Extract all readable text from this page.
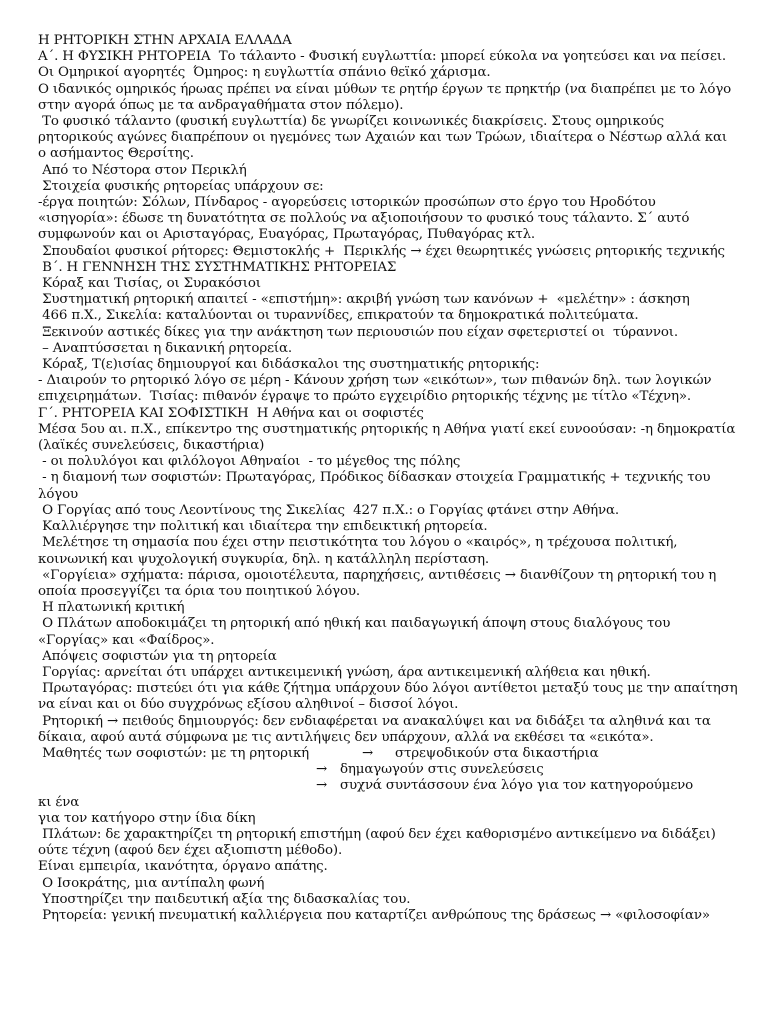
Η ΡΗΤΟΡΙΚΗ ΣΤΗΝ ΑΡΧΑΙΑ ΕΛΛΑΔΑ

Α΄. Η ΦΥΣΙΚΗ ΡΗΤΟΡΕΙΑ  Το τάλαντο - Φυσική ευγλωττία: μπορεί εύκολα να γοητεύσει και να πείσει.

Οι Ομηρικοί αγορητές  Όμηρος: η ευγλωττία σπάνιο θεϊκό χάρισμα.

Ο ιδανικός ομηρικός ήρωας πρέπει να είναι μύθων τε ρητήρ έργων τε πρηκτήρ (να διαπρέπει με το λόγο στην αγορά όπως με τα ανδραγαθήματα στον πόλεμο).

Το φυσικό τάλαντο (φυσική ευγλωττία) δε γνωρίζει κοινωνικές διακρίσεις. Στους ομηρικούς ρητορικούς αγώνες διαπρέπουν οι ηγεμόνες των Αχαιών και των Τρώων, ιδιαίτερα ο Νέστωρ αλλά και ο ασήμαντος Θερσίτης.

Από το Νέστορα στον Περικλή

Στοιχεία φυσικής ρητορείας υπάρχουν σε:

-έργα ποιητών: Σόλων, Πίνδαρος - αγορεύσεις ιστορικών προσώπων στο έργο του Ηροδότου «ισηγορία»: έδωσε τη δυνατότητα σε πολλούς να αξιοποιήσουν το φυσικό τους τάλαντο. Σ΄ αυτό συμφωνούν και οι Αρισταγόρας, Ευαγόρας, Πρωταγόρας, Πυθαγόρας κτλ.

Σπουδαίοι φυσικοί ρήτορες: Θεμιστοκλής +  Περικλής → έχει θεωρητικές γνώσεις ρητορικής τεχνικής

Β΄. Η ΓΕΝΝΗΣΗ ΤΗΣ ΣΥΣΤΗΜΑΤΙΚΗΣ ΡΗΤΟΡΕΙΑΣ

Κόραξ και Τισίας, οι Συρακόσιοι

Συστηματική ρητορική απαιτεί - «επιστήμη»: ακριβή γνώση των κανόνων +  «μελέτην» : άσκηση

466 π.Χ., Σικελία: καταλύονται οι τυραννίδες, επικρατούν τα δημοκρατικά πολιτεύματα.

Ξεκινούν αστικές δίκες για την ανάκτηση των περιουσιών που είχαν σφετεριστεί οι  τύραννοι.

– Αναπτύσσεται η δικανική ρητορεία.

Κόραξ, Τ(ε)ισίας δημιουργοί και διδάσκαλοι της συστηματικής ρητορικής:

- Διαιρούν το ρητορικό λόγο σε μέρη - Κάνουν χρήση των «εικότων», των πιθανών δηλ. των λογικών επιχειρημάτων.  Τισίας: πιθανόν έγραψε το πρώτο εγχειρίδιο ρητορικής τέχνης με τίτλο «Τέχνη».

Γ΄. ΡΗΤΟΡΕΙΑ ΚΑΙ ΣΟΦΙΣΤΙΚΗ  Η Αθήνα και οι σοφιστές

Μέσα 5ου αι. π.Χ., επίκεντρο της συστηματικής ρητορικής η Αθήνα γιατί εκεί ευνοούσαν: -η δημοκρατία (λαϊκές συνελεύσεις, δικαστήρια)

- οι πολυλόγοι και φιλόλογοι Αθηναίοι  - το μέγεθος της πόλης

- η διαμονή των σοφιστών: Πρωταγόρας, Πρόδικος δίδασκαν στοιχεία Γραμματικής + τεχνικής του λόγου

Ο Γοργίας από τους Λεοντίνους της Σικελίας  427 π.Χ.: ο Γοργίας φτάνει στην Αθήνα.

Καλλιέργησε την πολιτική και ιδιαίτερα την επιδεικτική ρητορεία.

Μελέτησε τη σημασία που έχει στην πειστικότητα του λόγου ο «καιρός», η τρέχουσα πολιτική, κοινωνική και ψυχολογική συγκυρία, δηλ. η κατάλληλη περίσταση.

«Γοργίεια» σχήματα: πάρισα, ομοιοτέλευτα, παρηχήσεις, αντιθέσεις → διανθίζουν τη ρητορική του η οποία προσεγγίζει τα όρια του ποιητικού λόγου.

Η πλατωνική κριτική

Ο Πλάτων αποδοκιμάζει τη ρητορική από ηθική και παιδαγωγική άποψη στους διαλόγους του «Γοργίας» και «Φαίδρος».

Απόψεις σοφιστών για τη ρητορεία

Γοργίας: αρνείται ότι υπάρχει αντικειμενική γνώση, άρα αντικειμενική αλήθεια και ηθική.

Πρωταγόρας: πιστεύει ότι για κάθε ζήτημα υπάρχουν δύο λόγοι αντίθετοι μεταξύ τους με την απαίτηση να είναι και οι δύο συγχρόνως εξίσου αληθινοί – δισσοί λόγοι.

Ρητορική → πειθούς δημιουργός: δεν ενδιαφέρεται να ανακαλύψει και να διδάξει τα αληθινά και τα δίκαια, αφού αυτά σύμφωνα με τις αντιλήψεις δεν υπάρχουν, αλλά να εκθέσει τα «εικότα».

Μαθητές των σοφιστών: με τη ρητορική	→ στρεψοδικούν στα δικαστήρια
→ δημαγωγούν στις συνελεύσεις
→ συχνά συντάσσουν ένα λόγο για τον κατηγορούμενο

κι ένα

για τον κατήγορο στην ίδια δίκη

Πλάτων: δε χαρακτηρίζει τη ρητορική επιστήμη (αφού δεν έχει καθορισμένο αντικείμενο να διδάξει) ούτε τέχνη (αφού δεν έχει αξιοπιστη μέθοδο).

Είναι εμπειρία, ικανότητα, όργανο απάτης.

Ο Ισοκράτης, μια αντίπαλη φωνή

Υποστηρίζει την παιδευτική αξία της διδασκαλίας του.

Ρητορεία: γενική πνευματική καλλιέργεια που καταρτίζει ανθρώπους της δράσεως → «φιλοσοφίαν»
